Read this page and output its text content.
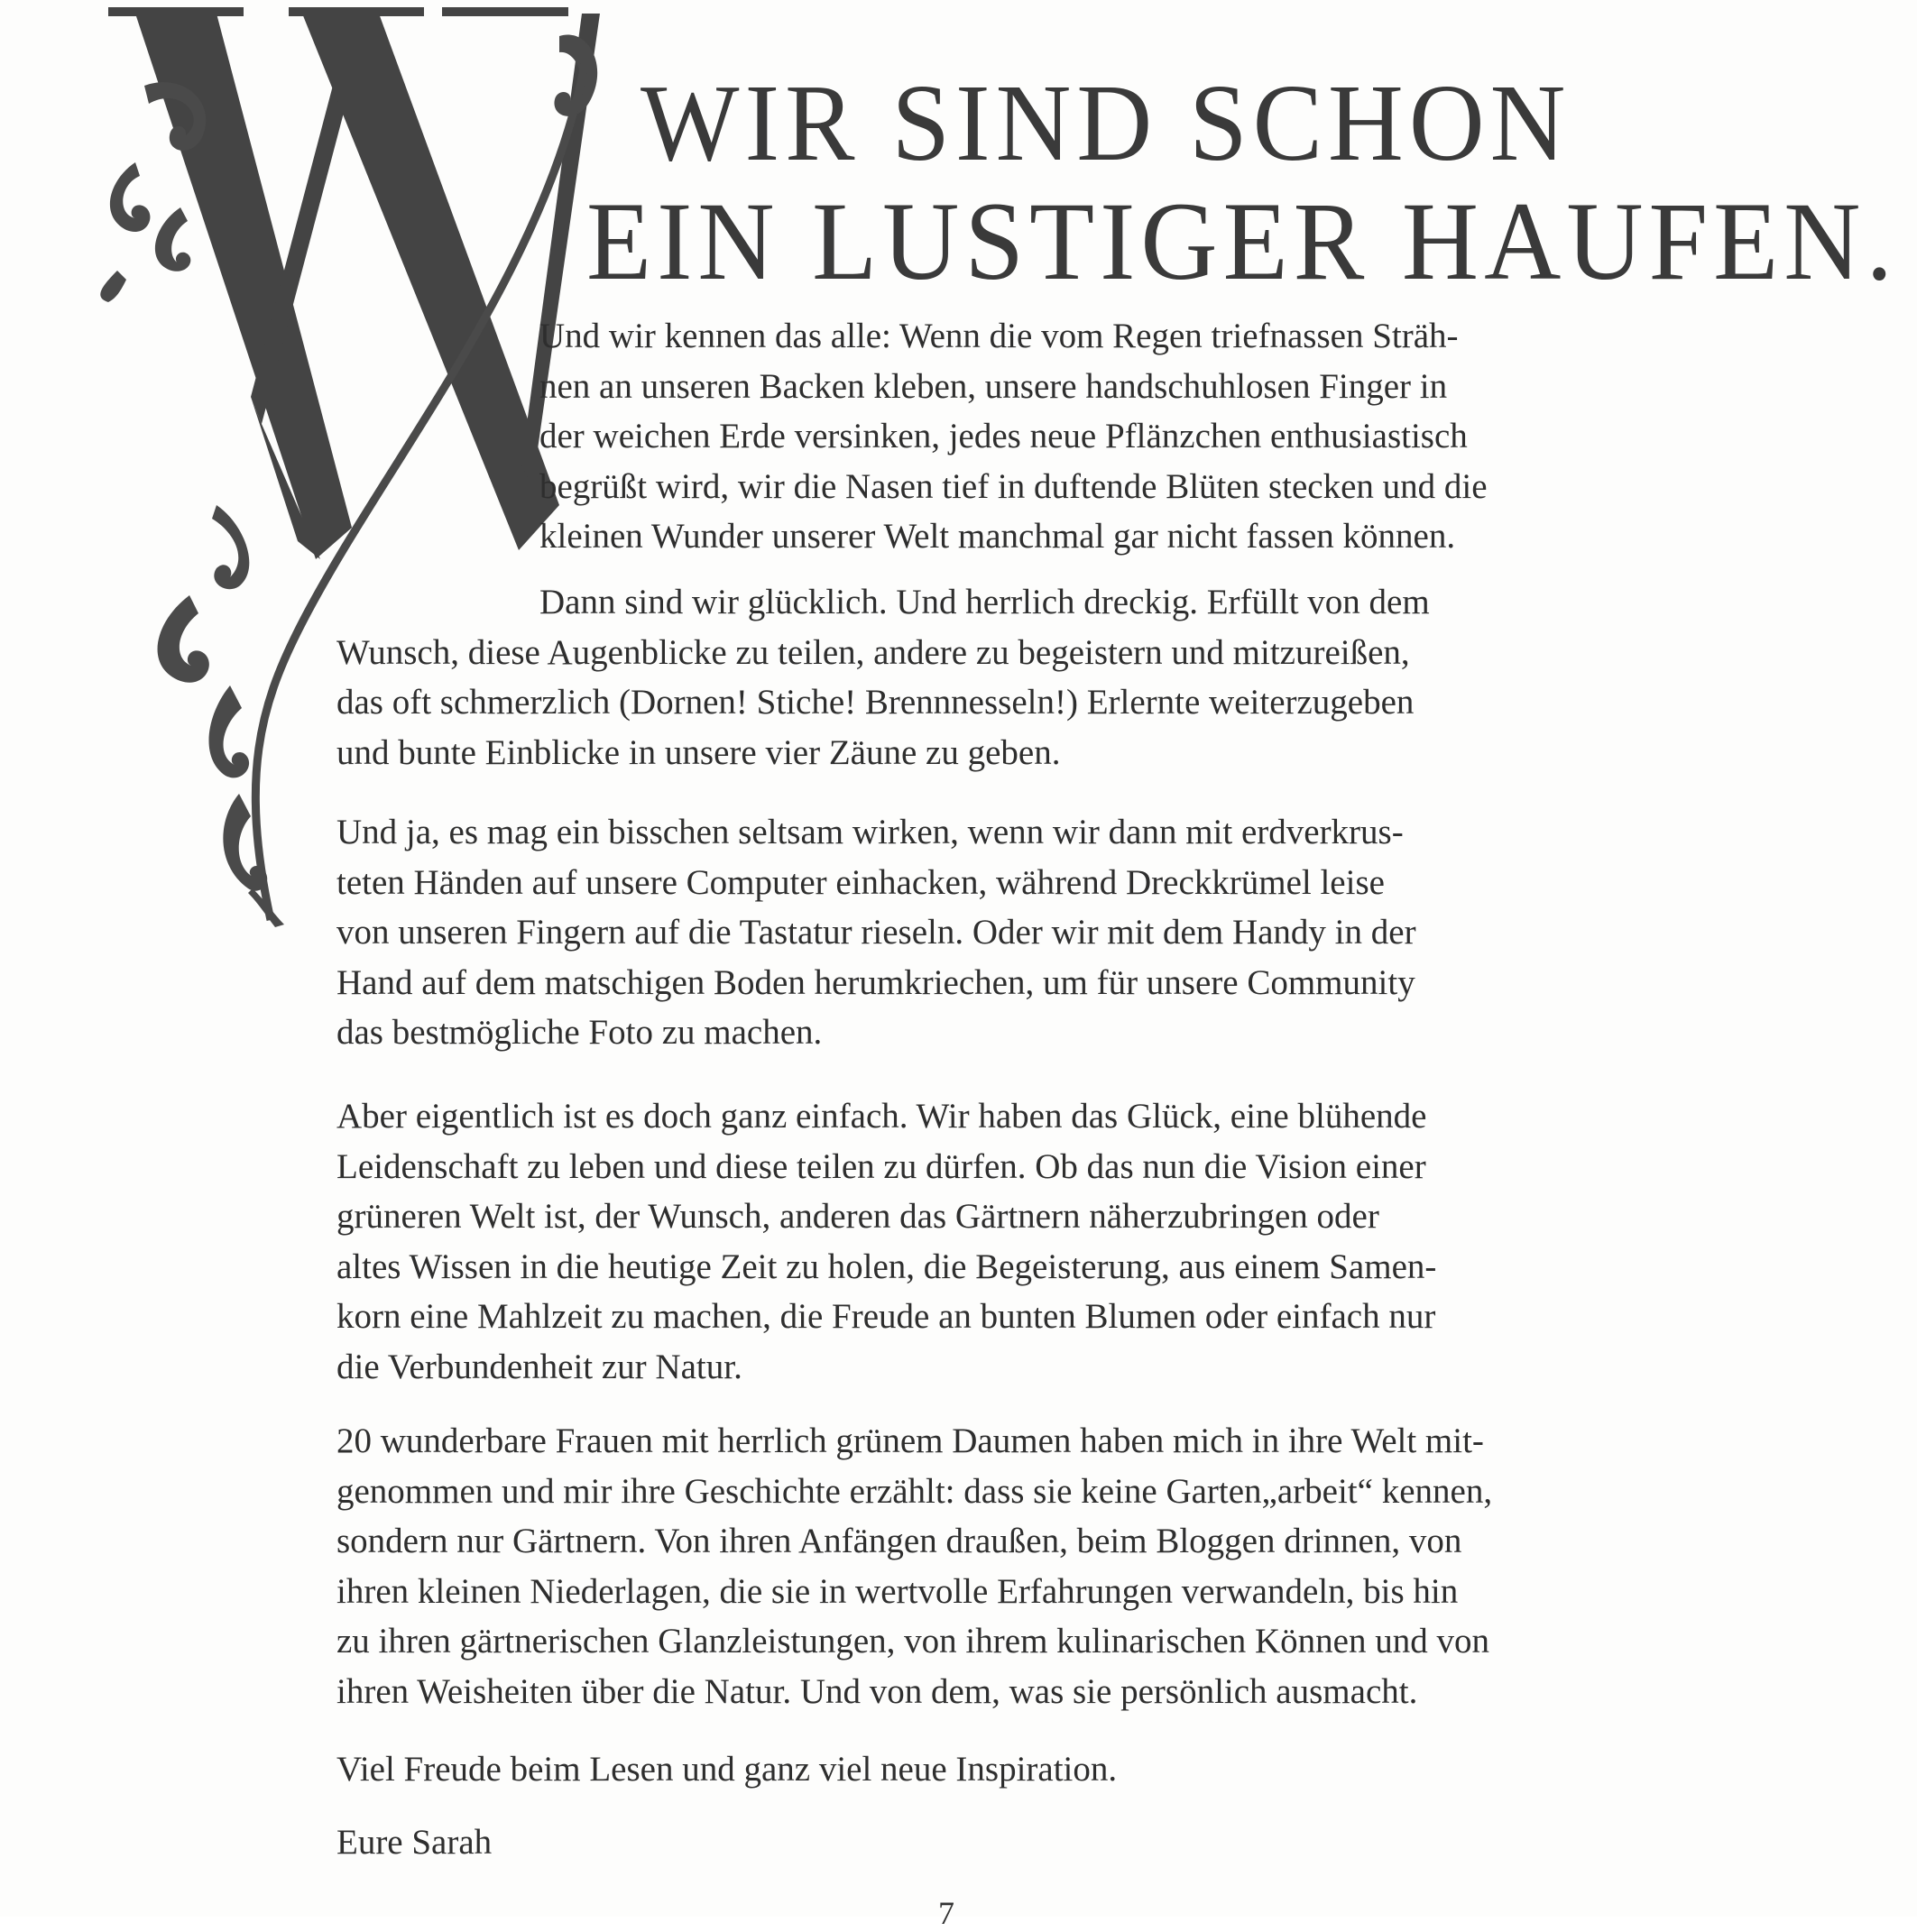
WIR SIND SCHON
EIN LUSTIGER HAUFEN.

Und wir kennen das alle: Wenn die vom Regen triefnassen Sträh-
nen an unseren Backen kleben, unsere handschuhlosen Finger in
der weichen Erde versinken, jedes neue Pflänzchen enthusiastisch
begrüßt wird, wir die Nasen tief in duftende Blüten stecken und die
kleinen Wunder unserer Welt manchmal gar nicht fassen können.

Dann sind wir glücklich. Und herrlich dreckig. Erfüllt von dem
Wunsch, diese Augenblicke zu teilen, andere zu begeistern und mitzureißen,
das oft schmerzlich (Dornen! Stiche! Brennnesseln!) Erlernte weiterzugeben
und bunte Einblicke in unsere vier Zäune zu geben.

Und ja, es mag ein bisschen seltsam wirken, wenn wir dann mit erdverkrus-
teten Händen auf unsere Computer einhacken, während Dreckkrümel leise
von unseren Fingern auf die Tastatur rieseln. Oder wir mit dem Handy in der
Hand auf dem matschigen Boden herumkriechen, um für unsere Community
das bestmögliche Foto zu machen.

Aber eigentlich ist es doch ganz einfach. Wir haben das Glück, eine blühende
Leidenschaft zu leben und diese teilen zu dürfen. Ob das nun die Vision einer
grüneren Welt ist, der Wunsch, anderen das Gärtnern näherzubringen oder
altes Wissen in die heutige Zeit zu holen, die Begeisterung, aus einem Samen-
korn eine Mahlzeit zu machen, die Freude an bunten Blumen oder einfach nur
die Verbundenheit zur Natur.

20 wunderbare Frauen mit herrlich grünem Daumen haben mich in ihre Welt mit-
genommen und mir ihre Geschichte erzählt: dass sie keine Garten„arbeit“ kennen,
sondern nur Gärtnern. Von ihren Anfängen draußen, beim Bloggen drinnen, von
ihren kleinen Niederlagen, die sie in wertvolle Erfahrungen verwandeln, bis hin
zu ihren gärtnerischen Glanzleistungen, von ihrem kulinarischen Können und von
ihren Weisheiten über die Natur. Und von dem, was sie persönlich ausmacht.

Viel Freude beim Lesen und ganz viel neue Inspiration.

Eure Sarah

7
